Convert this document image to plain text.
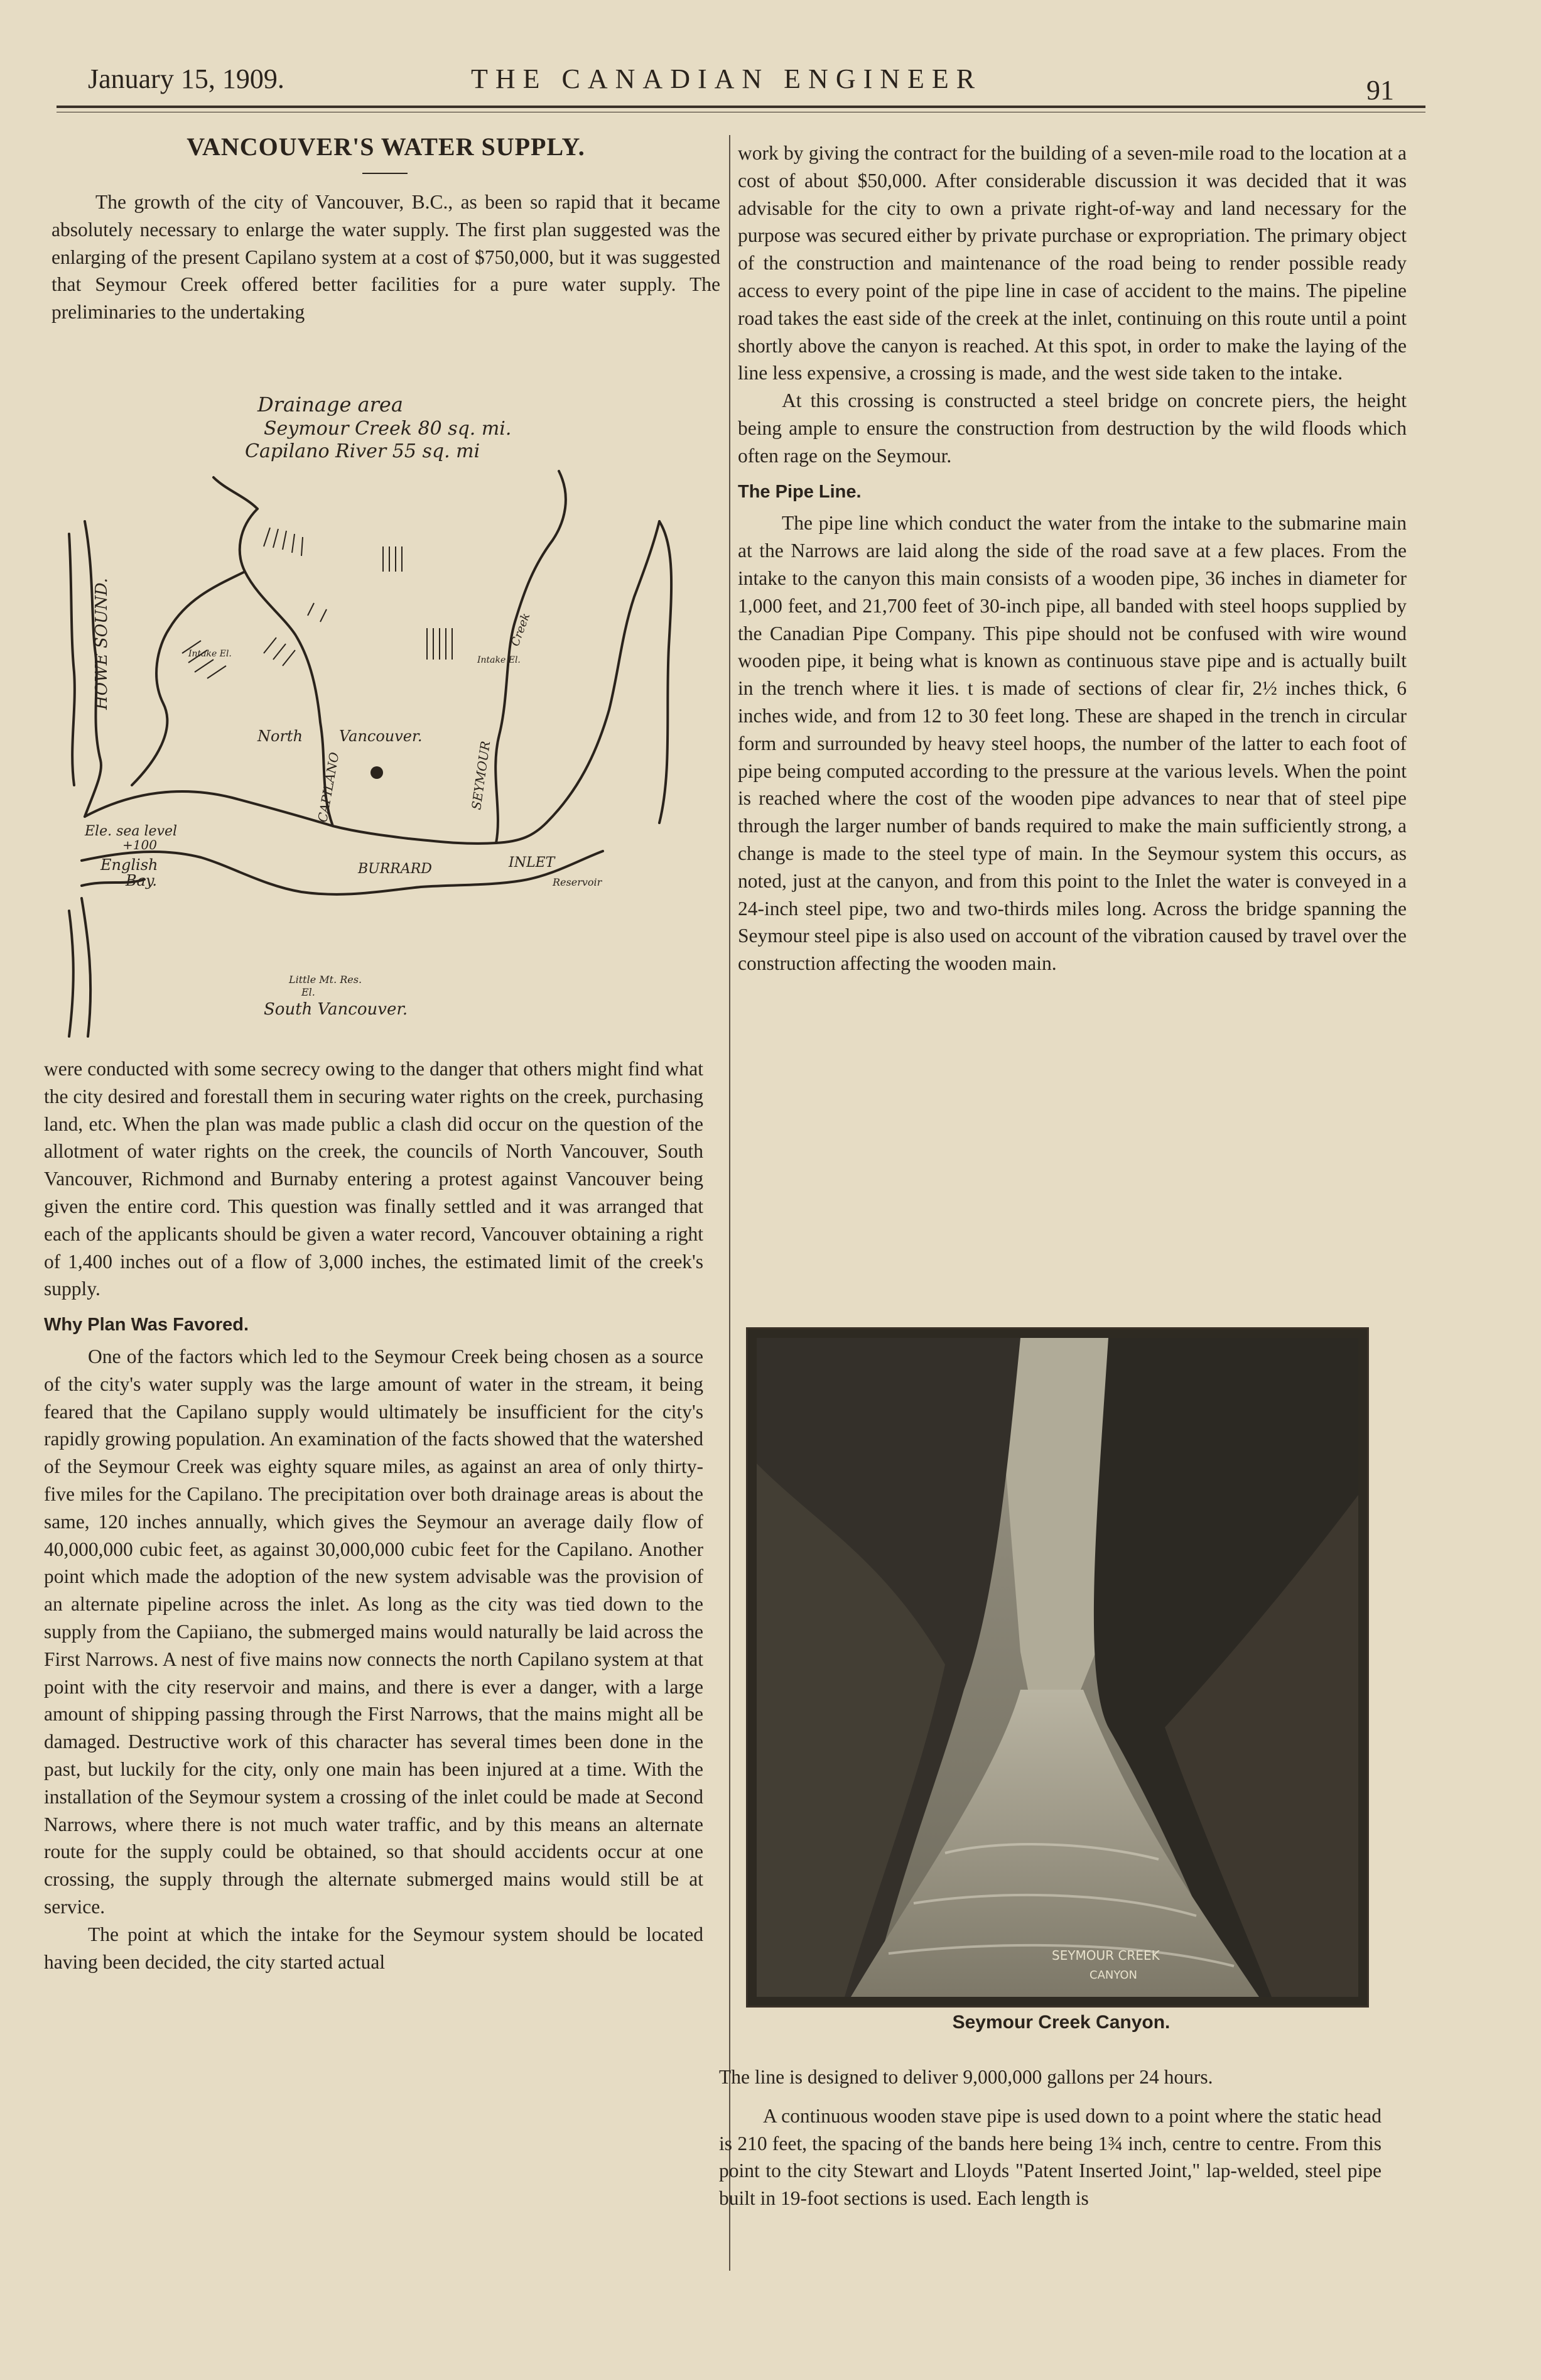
January 15, 1909.	THE CANADIAN ENGINEER	91
VANCOUVER'S WATER SUPPLY.

The growth of the city of Vancouver, B.C., as been so rapid that it became absolutely necessary to enlarge the water supply. The first plan suggested was the enlarging of the present Capilano system at a cost of $750,000, but it was suggested that Seymour Creek offered better facilities for a pure water supply. The preliminaries to the undertaking

Drainage area
Seymour Creek 80 sq. mi.
Capilano River 55 sq. mi
HOWE SOUND.
North Vancouver.
CAPILANO	SEYMOUR
Creek
Intake El.
Intake El.
BURRARD	INLET
Ele. sea level
+100
English
Bay.	Reservoir
Little Mt. Res.
El.
South Vancouver.

were conducted with some secrecy owing to the danger that others might find what the city desired and forestall them in securing water rights on the creek, purchasing land, etc. When the plan was made public a clash did occur on the question of the allotment of water rights on the creek, the councils of North Vancouver, South Vancouver, Richmond and Burnaby entering a protest against Vancouver being given the entire cord. This question was finally settled and it was arranged that each of the applicants should be given a water record, Vancouver obtaining a right of 1,400 inches out of a flow of 3,000 inches, the estimated limit of the creek's supply.

Why Plan Was Favored.

One of the factors which led to the Seymour Creek being chosen as a source of the city's water supply was the large amount of water in the stream, it being feared that the Capilano supply would ultimately be insufficient for the city's rapidly growing population. An examination of the facts showed that the watershed of the Seymour Creek was eighty square miles, as against an area of only thirty-five miles for the Capilano. The precipitation over both drainage areas is about the same, 120 inches annually, which gives the Seymour an average daily flow of 40,000,000 cubic feet, as against 30,000,000 cubic feet for the Capilano. Another point which made the adoption of the new system advisable was the provision of an alternate pipeline across the inlet. As long as the city was tied down to the supply from the Capiiano, the submerged mains would naturally be laid across the First Narrows. A nest of five mains now connects the north Capilano system at that point with the city reservoir and mains, and there is ever a danger, with a large amount of shipping passing through the First Narrows, that the mains might all be damaged. Destructive work of this character has several times been done in the past, but luckily for the city, only one main has been injured at a time. With the installation of the Seymour system a crossing of the inlet could be made at Second Narrows, where there is not much water traffic, and by this means an alternate route for the supply could be obtained, so that should accidents occur at one crossing, the supply through the alternate submerged mains would still be at service.

The point at which the intake for the Seymour system should be located having been decided, the city started actual

work by giving the contract for the building of a seven-mile road to the location at a cost of about $50,000. After considerable discussion it was decided that it was advisable for the city to own a private right-of-way and land necessary for the purpose was secured either by private purchase or expropriation. The primary object of the construction and maintenance of the road being to render possible ready access to every point of the pipe line in case of accident to the mains. The pipeline road takes the east side of the creek at the inlet, continuing on this route until a point shortly above the canyon is reached. At this spot, in order to make the laying of the line less expensive, a crossing is made, and the west side taken to the intake.

At this crossing is constructed a steel bridge on concrete piers, the height being ample to ensure the construction from destruction by the wild floods which often rage on the Seymour.

The Pipe Line.

The pipe line which conduct the water from the intake to the submarine main at the Narrows are laid along the side of the road save at a few places. From the intake to the canyon this main consists of a wooden pipe, 36 inches in diameter for 1,000 feet, and 21,700 feet of 30-inch pipe, all banded with steel hoops supplied by the Canadian Pipe Company. This pipe should not be confused with wire wound wooden pipe, it being what is known as continuous stave pipe and is actually built in the trench where it lies. t is made of sections of clear fir, 2½ inches thick, 6 inches wide, and from 12 to 30 feet long. These are shaped in the trench in circular form and surrounded by heavy steel hoops, the number of the latter to each foot of pipe being computed according to the pressure at the various levels. When the point is reached where the cost of the wooden pipe advances to near that of steel pipe through the larger number of bands required to make the main sufficiently strong, a change is made to the steel type of main. In the Seymour system this occurs, as noted, just at the canyon, and from this point to the Inlet the water is conveyed in a 24-inch steel pipe, two and two-thirds miles long. Across the bridge spanning the Seymour steel pipe is also used on account of the vibration caused by travel over the construction affecting the wooden main.

SEYMOUR CREEK
CANYON
Seymour Creek Canyon.

The line is designed to deliver 9,000,000 gallons per 24 hours.

A continuous wooden stave pipe is used down to a point where the static head is 210 feet, the spacing of the bands here being 1¾ inch, centre to centre. From this point to the city Stewart and Lloyds "Patent Inserted Joint," lap-welded, steel pipe built in 19-foot sections is used. Each length is
